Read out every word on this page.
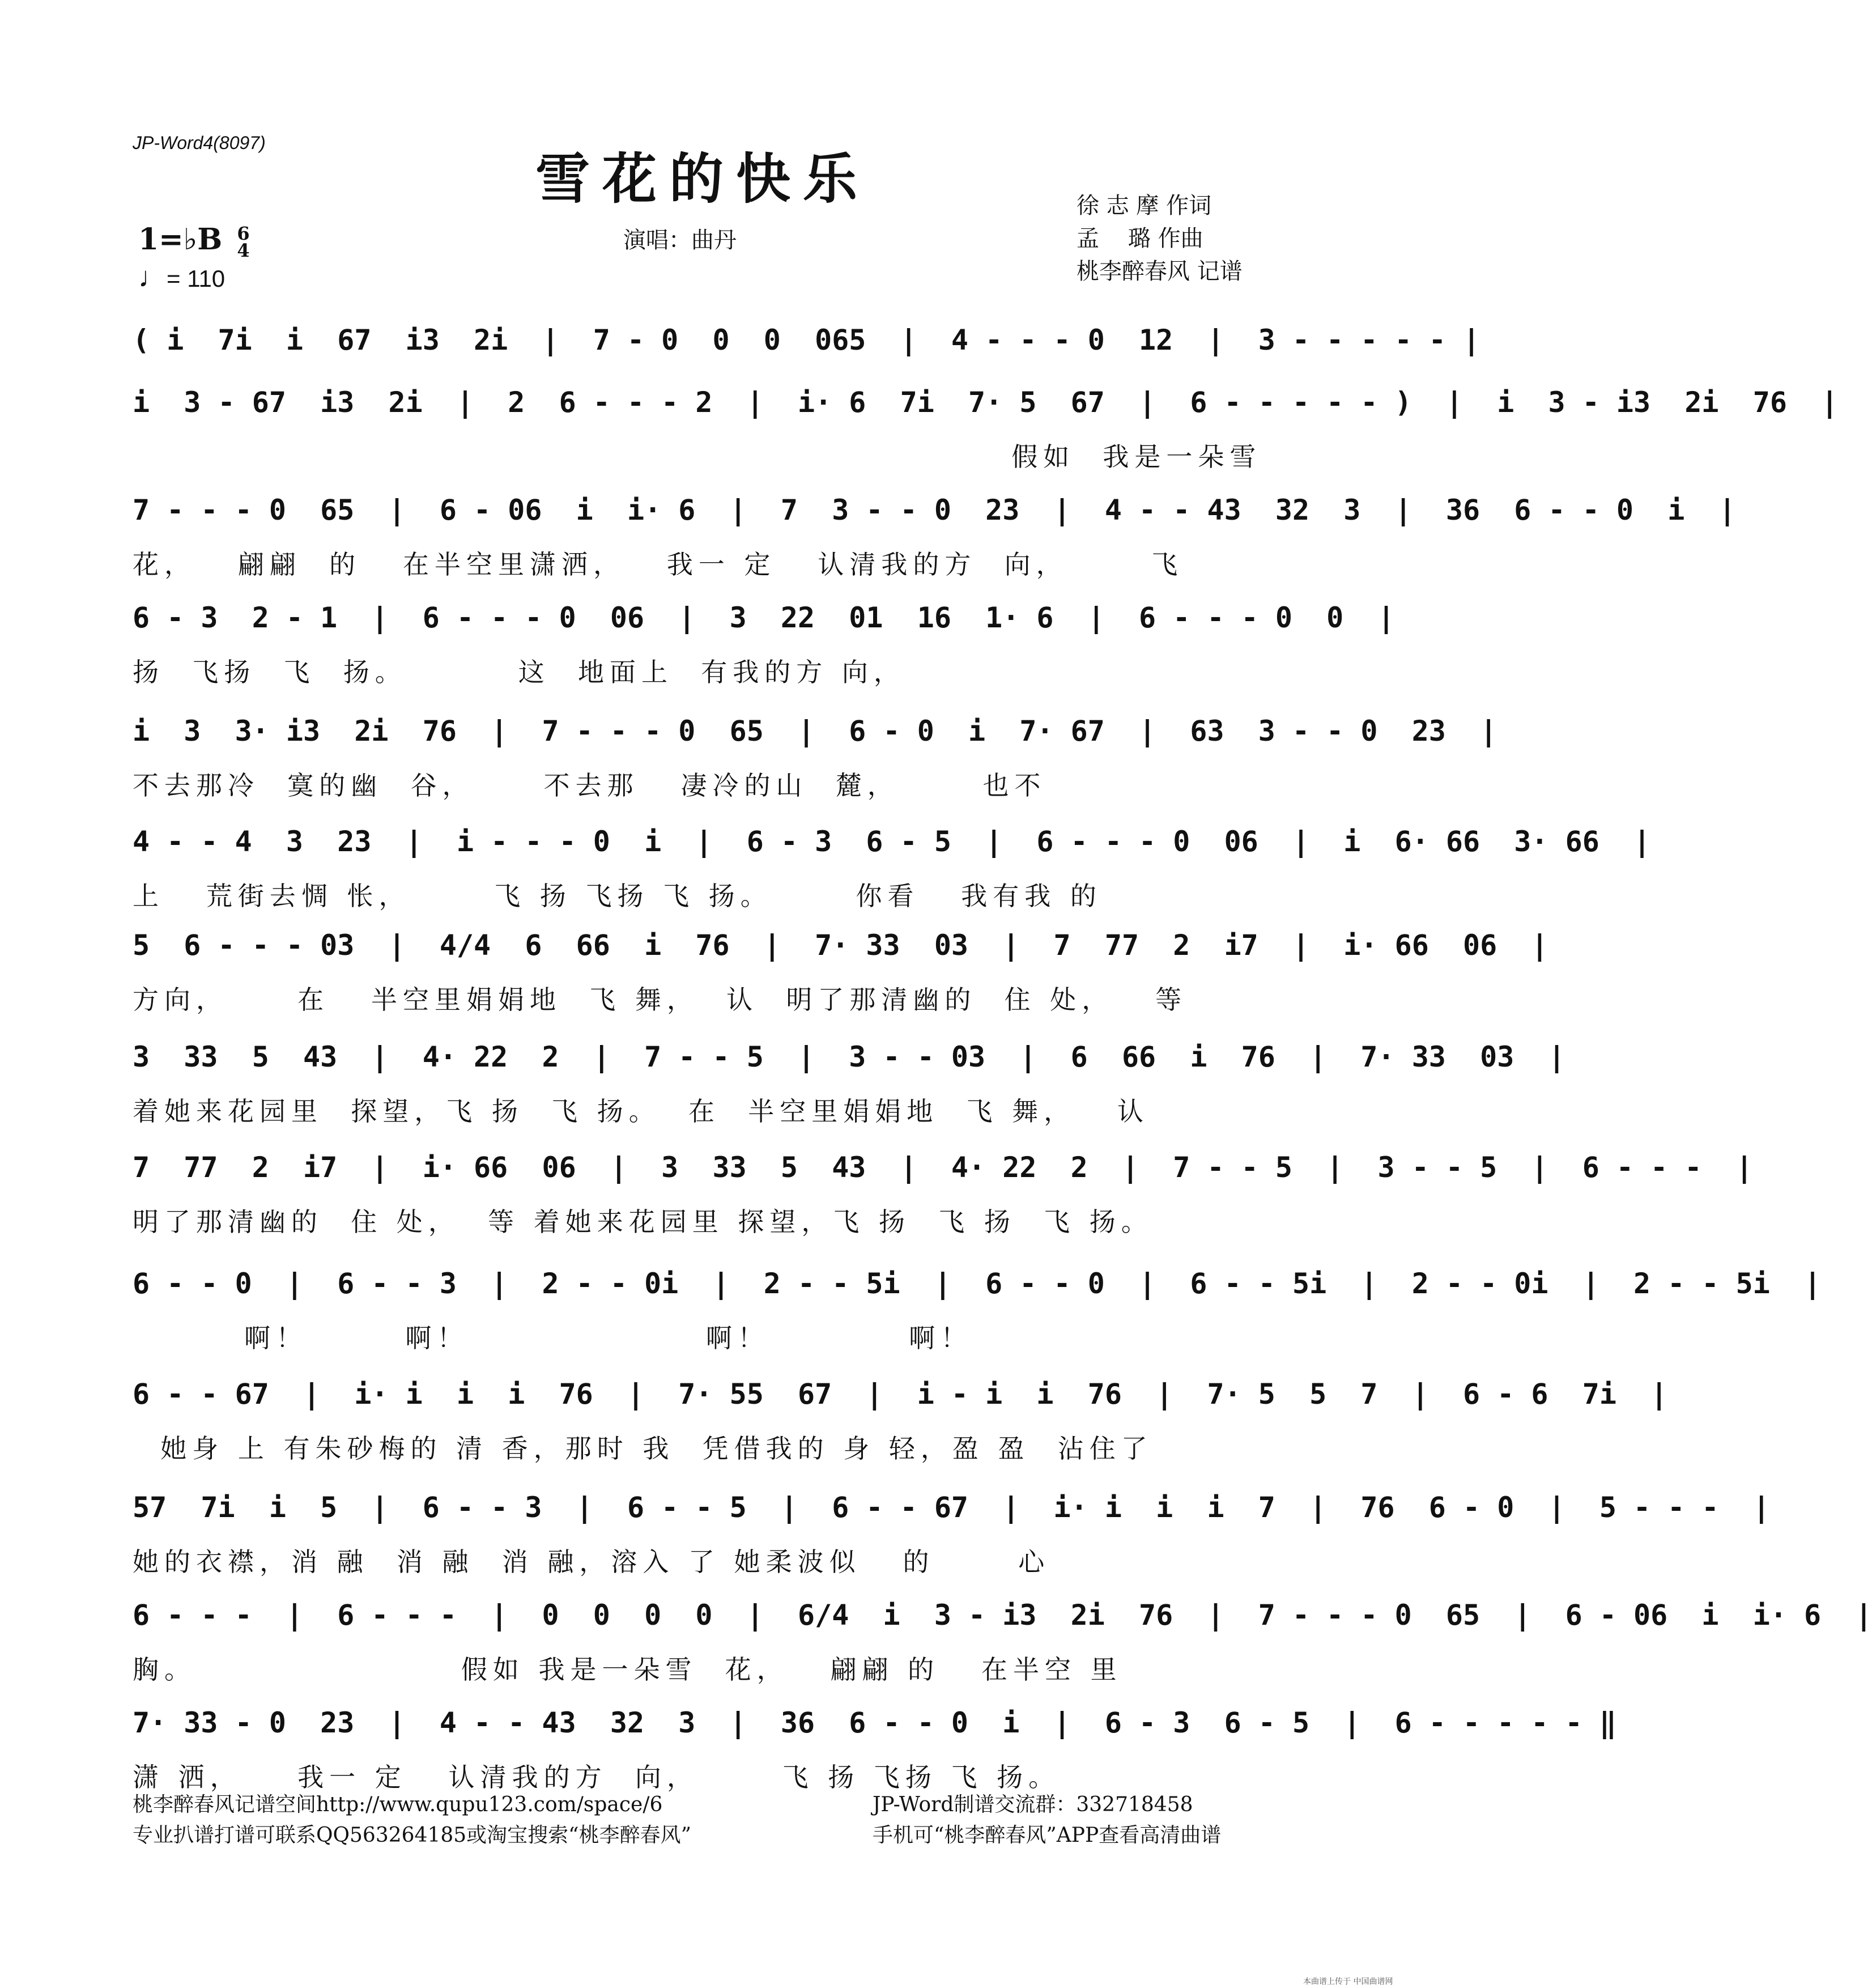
JP-Word4(8097)
雪花的快乐
演唱：曲丹
徐 志 摩 作词
孟    璐 作曲
桃李醉春风 记谱
1=♭B 6
4
♩= 110
( i  7i  i  67  i3  2i  |  7 - 0  0  0  065  |  4 - - - 0  12  |  3 - - - - - |
i  3 - 67  i3  2i  |  2  6 - - - 2  |  i· 6  7i  7· 5  67  |  6 - - - - - )  |  i  3 - i3  2i  76  |
假如  我是一朵雪
7 - - - 0  65  |  6 - 06  i  i· 6  |  7  3 - - 0  23  |  4 - - 43  32  3  |  36  6 - - 0  i  |
花，   翩翩  的   在半空里潇洒，   我一 定   认清我的方  向，      飞
6 - 3  2 - 1  |  6 - - - 0  06  |  3  22  01  16  1· 6  |  6 - - - 0  0  |
扬  飞扬  飞  扬。        这  地面上  有我的方 向，
i  3  3· i3  2i  76  |  7 - - - 0  65  |  6 - 0  i  7· 67  |  63  3 - - 0  23  |
不去那冷  寞的幽  谷，     不去那   凄冷的山  麓，      也不
4 - - 4  3  23  |  i - - - 0  i  |  6 - 3  6 - 5  |  6 - - - 0  06  |  i  6· 66  3· 66  |
上   荒街去惆 怅，      飞 扬 飞扬 飞 扬。      你看   我有我 的
5  6 - - - 03  |  4/4  6  66  i  76  |  7· 33  03  |  7  77  2  i7  |  i· 66  06  |
方向，     在   半空里娟娟地  飞 舞，  认  明了那清幽的  住 处，   等
3  33  5  43  |  4· 22  2  |  7 - - 5  |  3 - - 03  |  6  66  i  76  |  7· 33  03  |
着她来花园里  探望，飞 扬  飞 扬。  在  半空里娟娟地  飞 舞，   认
7  77  2  i7  |  i· 66  06  |  3  33  5  43  |  4· 22  2  |  7 - - 5  |  3 - - 5  |  6 - - -  |
明了那清幽的  住 处，  等 着她来花园里 探望，飞 扬  飞 扬  飞 扬。
6 - - 0  |  6 - - 3  |  2 - - 0i  |  2 - - 5i  |  6 - - 0  |  6 - - 5i  |  2 - - 0i  |  2 - - 5i  |
啊！       啊！                 啊！          啊！
6 - - 67  |  i· i  i  i  76  |  7· 55  67  |  i - i  i  76  |  7· 5  5  7  |  6 - 6  7i  |
她身 上 有朱砂梅的 清 香，那时 我  凭借我的 身 轻，盈 盈  沾住了
57  7i  i  5  |  6 - - 3  |  6 - - 5  |  6 - - 67  |  i· i  i  i  7  |  76  6 - 0  |  5 - - -  |
她的衣襟，消 融  消 融  消 融，溶入 了 她柔波似   的      心
6 - - -  |  6 - - -  |  0  0  0  0  |  6/4  i  3 - i3  2i  76  |  7 - - - 0  65  |  6 - 06  i  i· 6  |
胸。                   假如 我是一朵雪  花，   翩翩 的   在半空 里
7· 33 - 0  23  |  4 - - 43  32  3  |  36  6 - - 0  i  |  6 - 3  6 - 5  |  6 - - - - - ‖
潇 洒，    我一 定   认清我的方  向，      飞 扬 飞扬 飞 扬。
桃李醉春风记谱空间http://www.qupu123.com/space/6
专业扒谱打谱可联系QQ563264185或淘宝搜索“桃李醉春风”
JP-Word制谱交流群：332718458
手机可“桃李醉春风”APP查看高清曲谱
本曲谱上传于 中国曲谱网
